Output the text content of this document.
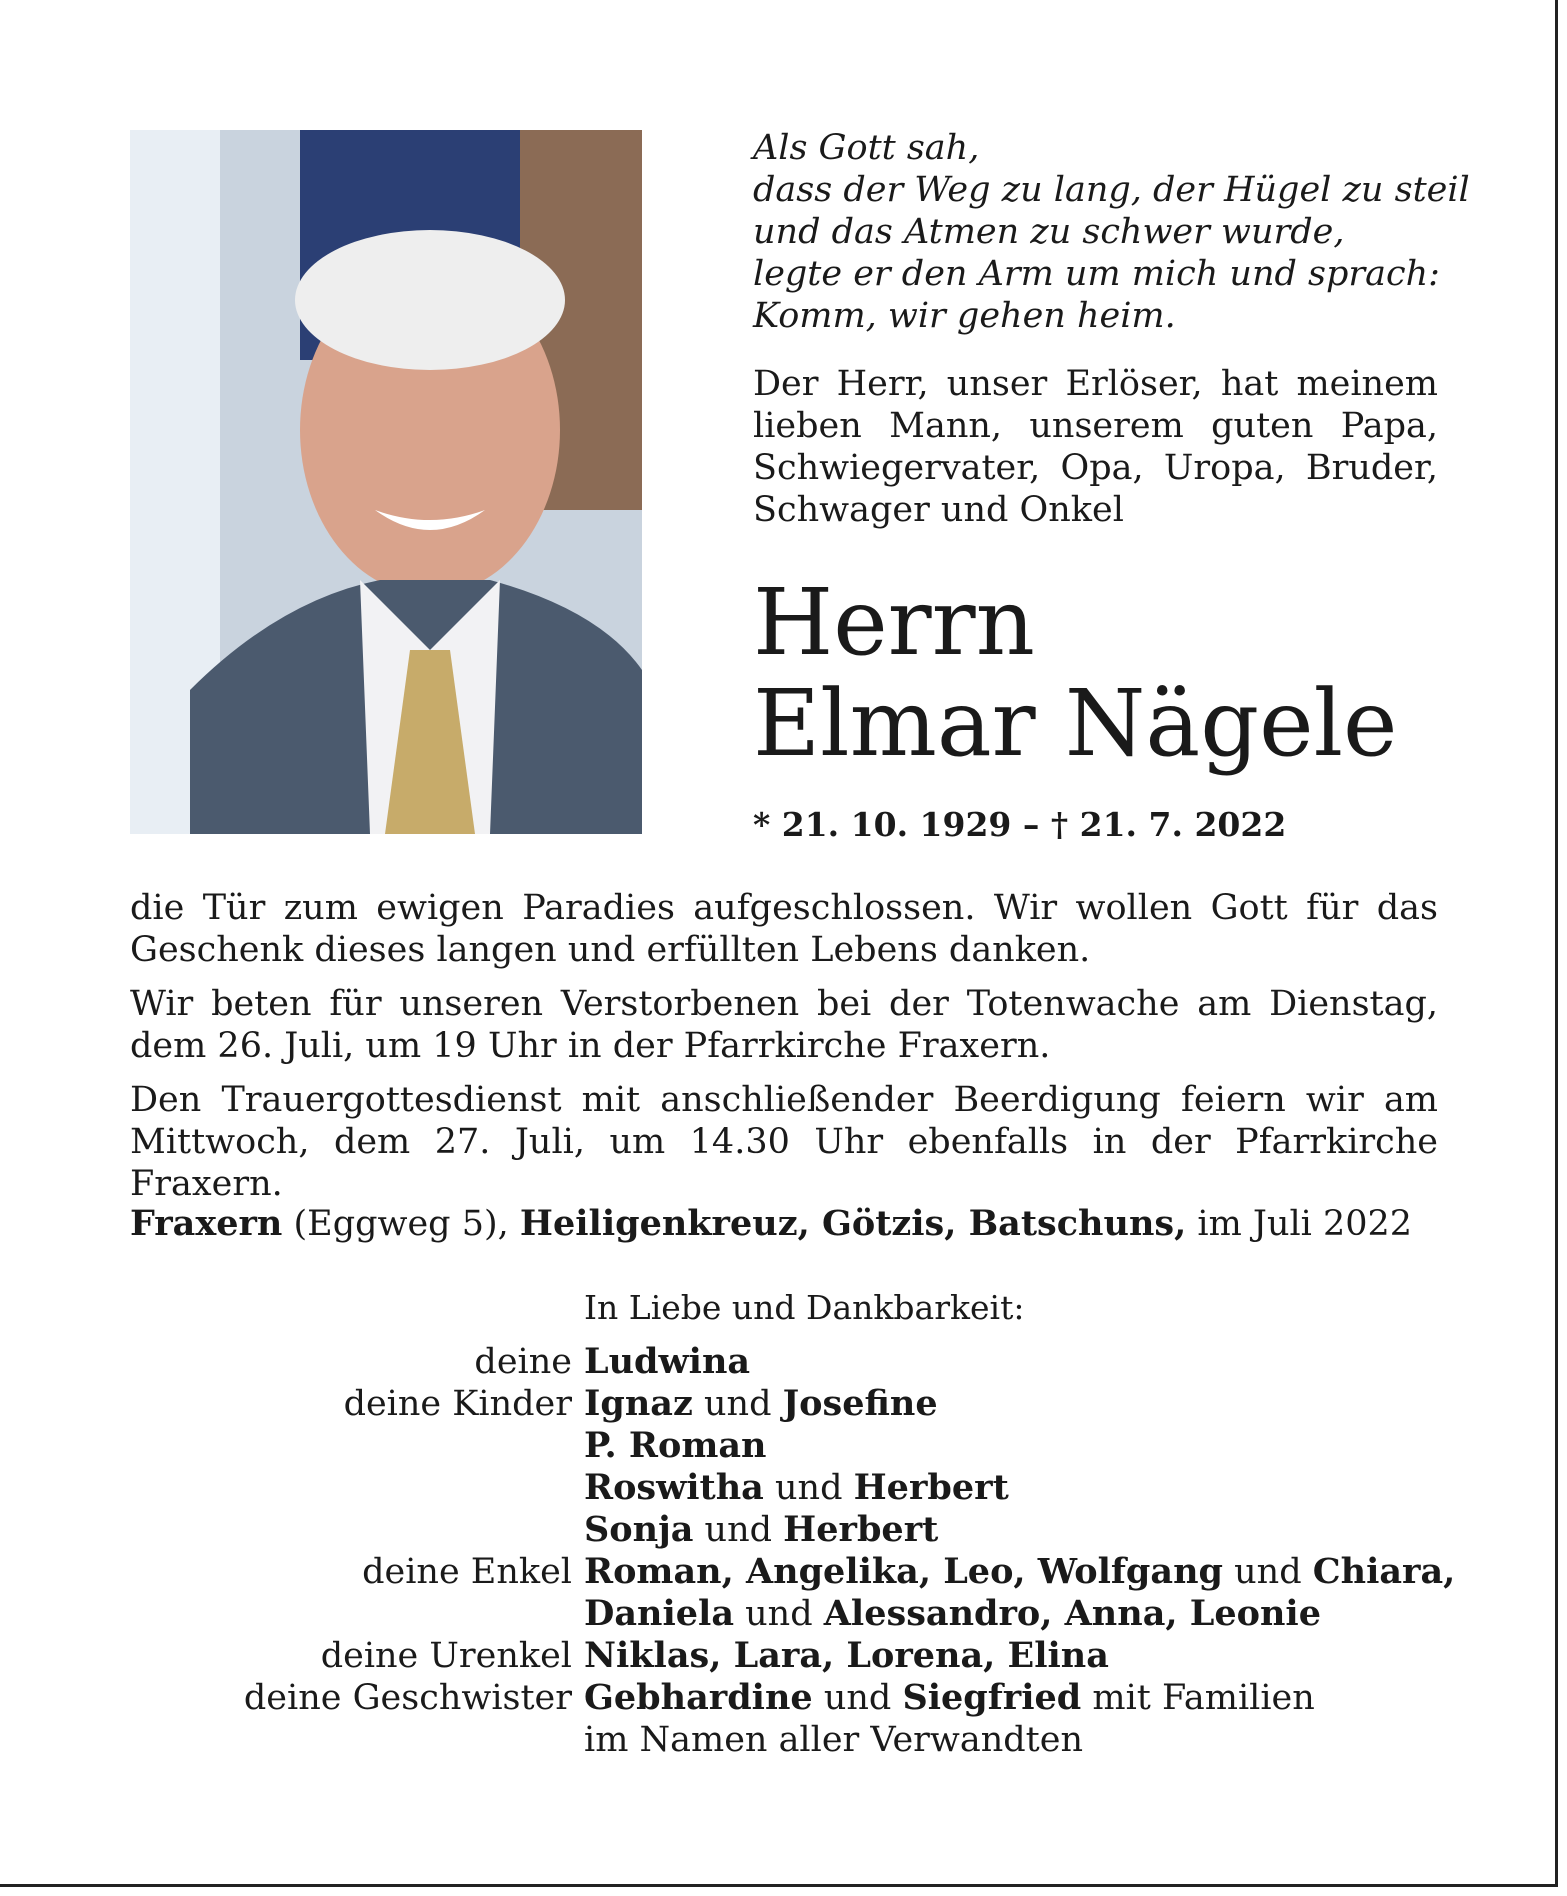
Als Gott sah,
dass der Weg zu lang, der Hügel zu steil
und das Atmen zu schwer wurde,
legte er den Arm um mich und sprach:
Komm, wir gehen heim.
Der Herr, unser Erlöser, hat meinem lieben Mann, unserem guten Papa, Schwiegervater, Opa, Uropa, Bruder, Schwager und Onkel
Herrn
Elmar Nägele
* 21. 10. 1929 – † 21. 7. 2022

die Tür zum ewigen Paradies aufgeschlossen. Wir wollen Gott für das Geschenk dieses langen und erfüllten Lebens danken.

Wir beten für unseren Verstorbenen bei der Totenwache am Dienstag, dem 26. Juli, um 19 Uhr in der Pfarrkirche Fraxern.

Den Trauergottesdienst mit anschließender Beerdigung feiern wir am Mittwoch, dem 27. Juli, um 14.30 Uhr ebenfalls in der Pfarrkirche Fraxern.

Fraxern (Eggweg 5), Heiligenkreuz, Götzis, Batschuns, im Juli 2022
In Liebe und Dankbarkeit:
deine Ludwina
deine Kinder Ignaz und Josefine
P. Roman
Roswitha und Herbert
Sonja und Herbert
deine Enkel Roman, Angelika, Leo, Wolfgang und Chiara,
Daniela und Alessandro, Anna, Leonie
deine Urenkel Niklas, Lara, Lorena, Elina
deine Geschwister Gebhardine und Siegfried mit Familien
im Namen aller Verwandten
